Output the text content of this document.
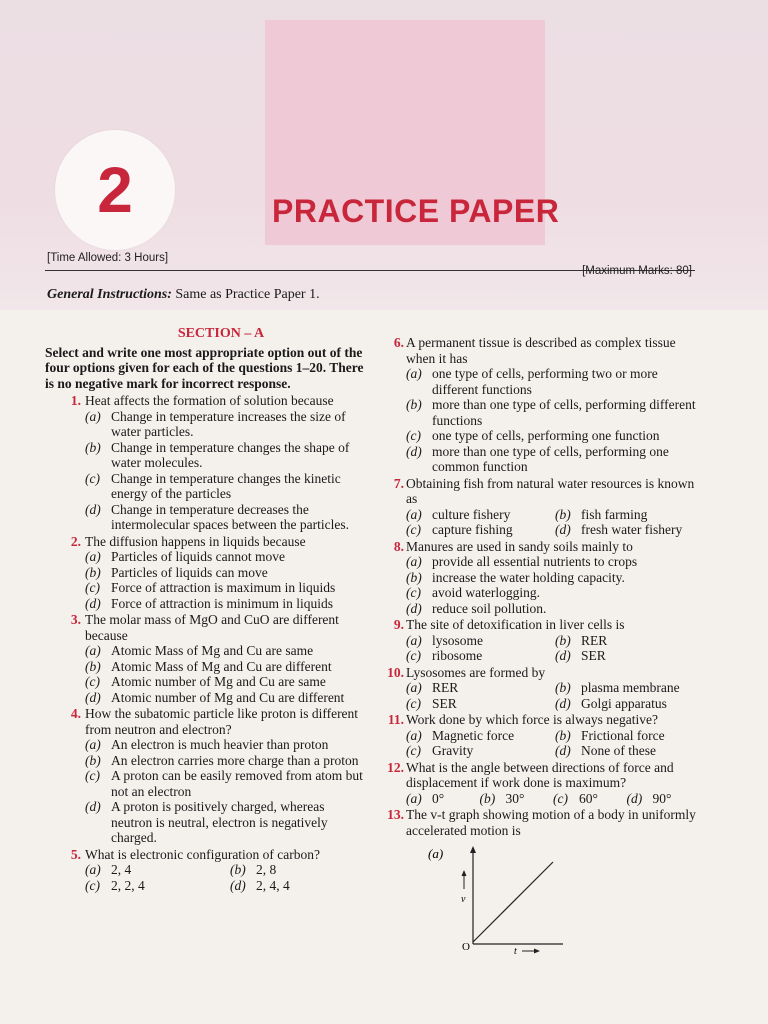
2	PRACTICE PAPER
[Time Allowed: 3 Hours]
[Maximum Marks: 80]
General Instructions: Same as Practice Paper 1.
SECTION – A
Select and write one most appropriate option out of the four options given for each of the questions 1–20. There is no negative mark for incorrect response.
1. Heat affects the formation of solution because
(a) Change in temperature increases the size of water particles.
(b) Change in temperature changes the shape of water molecules.
(c) Change in temperature changes the kinetic energy of the particles
(d) Change in temperature decreases the intermolecular spaces between the particles.
2. The diffusion happens in liquids because
(a) Particles of liquids cannot move
(b) Particles of liquids can move
(c) Force of attraction is maximum in liquids
(d) Force of attraction is minimum in liquids
3. The molar mass of MgO and CuO are different because
(a) Atomic Mass of Mg and Cu are same
(b) Atomic Mass of Mg and Cu are different
(c) Atomic number of Mg and Cu are same
(d) Atomic number of Mg and Cu are different
4. How the subatomic particle like proton is different from neutron and electron?
(a) An electron is much heavier than proton
(b) An electron carries more charge than a proton
(c) A proton can be easily removed from atom but not an electron
(d) A proton is positively charged, whereas neutron is neutral, electron is negatively charged.
5. What is electronic configuration of carbon?
(a) 2, 4	(b) 2, 8
(c) 2, 2, 4	(d) 2, 4, 4
6. A permanent tissue is described as complex tissue when it has
(a) one type of cells, performing two or more different functions
(b) more than one type of cells, performing different functions
(c) one type of cells, performing one function
(d) more than one type of cells, performing one common function
7. Obtaining fish from natural water resources is known as
(a) culture fishery	(b) fish farming
(c) capture fishing	(d) fresh water fishery
8. Manures are used in sandy soils mainly to
(a) provide all essential nutrients to crops
(b) increase the water holding capacity.
(c) avoid waterlogging.
(d) reduce soil pollution.
9. The site of detoxification in liver cells is
(a) lysosome	(b) RER
(c) ribosome	(d) SER
10. Lysosomes are formed by
(a) RER	(b) plasma membrane
(c) SER	(d) Golgi apparatus
11. Work done by which force is always negative?
(a) Magnetic force	(b) Frictional force
(c) Gravity	(d) None of these
12. What is the angle between directions of force and displacement if work done is maximum?
(a) 0°	(b) 30°	(c) 60°	(d) 90°
13. The v-t graph showing motion of a body in uniformly accelerated motion is
(a)
v
O	t
